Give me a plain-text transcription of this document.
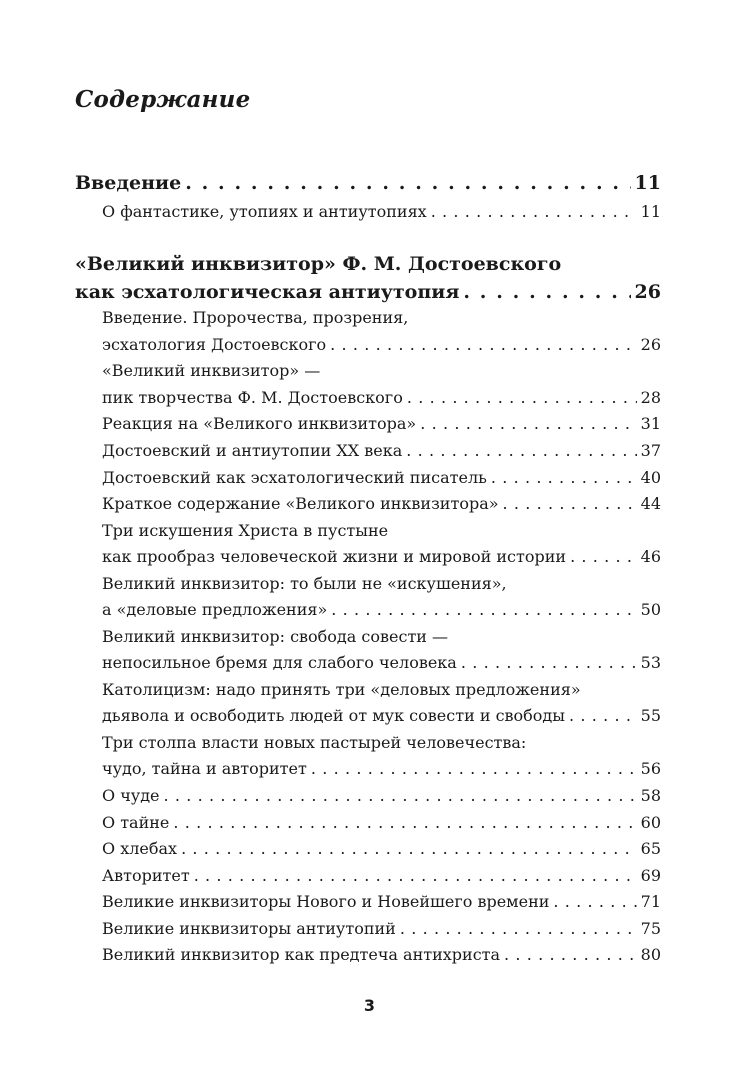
Содержание
Введение . . .	11
О фантастике, утопиях и антиутопиях . . .	11
«Великий инквизитор» Ф. М. Достоевского
как эсхатологическая антиутопия . . .	26
Введение. Пророчества, прозрения,
эсхатология Достоевского . . .	26
«Великий инквизитор» —
пик творчества Ф. М. Достоевского . . .	28
Реакция на «Великого инквизитора» . . .	31
Достоевский и антиутопии XX века . . .	37
Достоевский как эсхатологический писатель . . .	40
Краткое содержание «Великого инквизитора» . . .	44
Три искушения Христа в пустыне
как прообраз человеческой жизни и мировой истории . . .	46
Великий инквизитор: то были не «искушения»,
а «деловые предложения» . . .	50
Великий инквизитор: свобода совести —
непосильное бремя для слабого человека . . .	53
Католицизм: надо принять три «деловых предложения»
дьявола и освободить людей от мук совести и свободы . . .	55
Три столпа власти новых пастырей человечества:
чудо, тайна и авторитет . . .	56
О чуде . . .	58
О тайне . . .	60
О хлебах . . .	65
Авторитет . . .	69
Великие инквизиторы Нового и Новейшего времени . . .	71
Великие инквизиторы антиутопий . . .	75
Великий инквизитор как предтеча антихриста . . .	80
3
